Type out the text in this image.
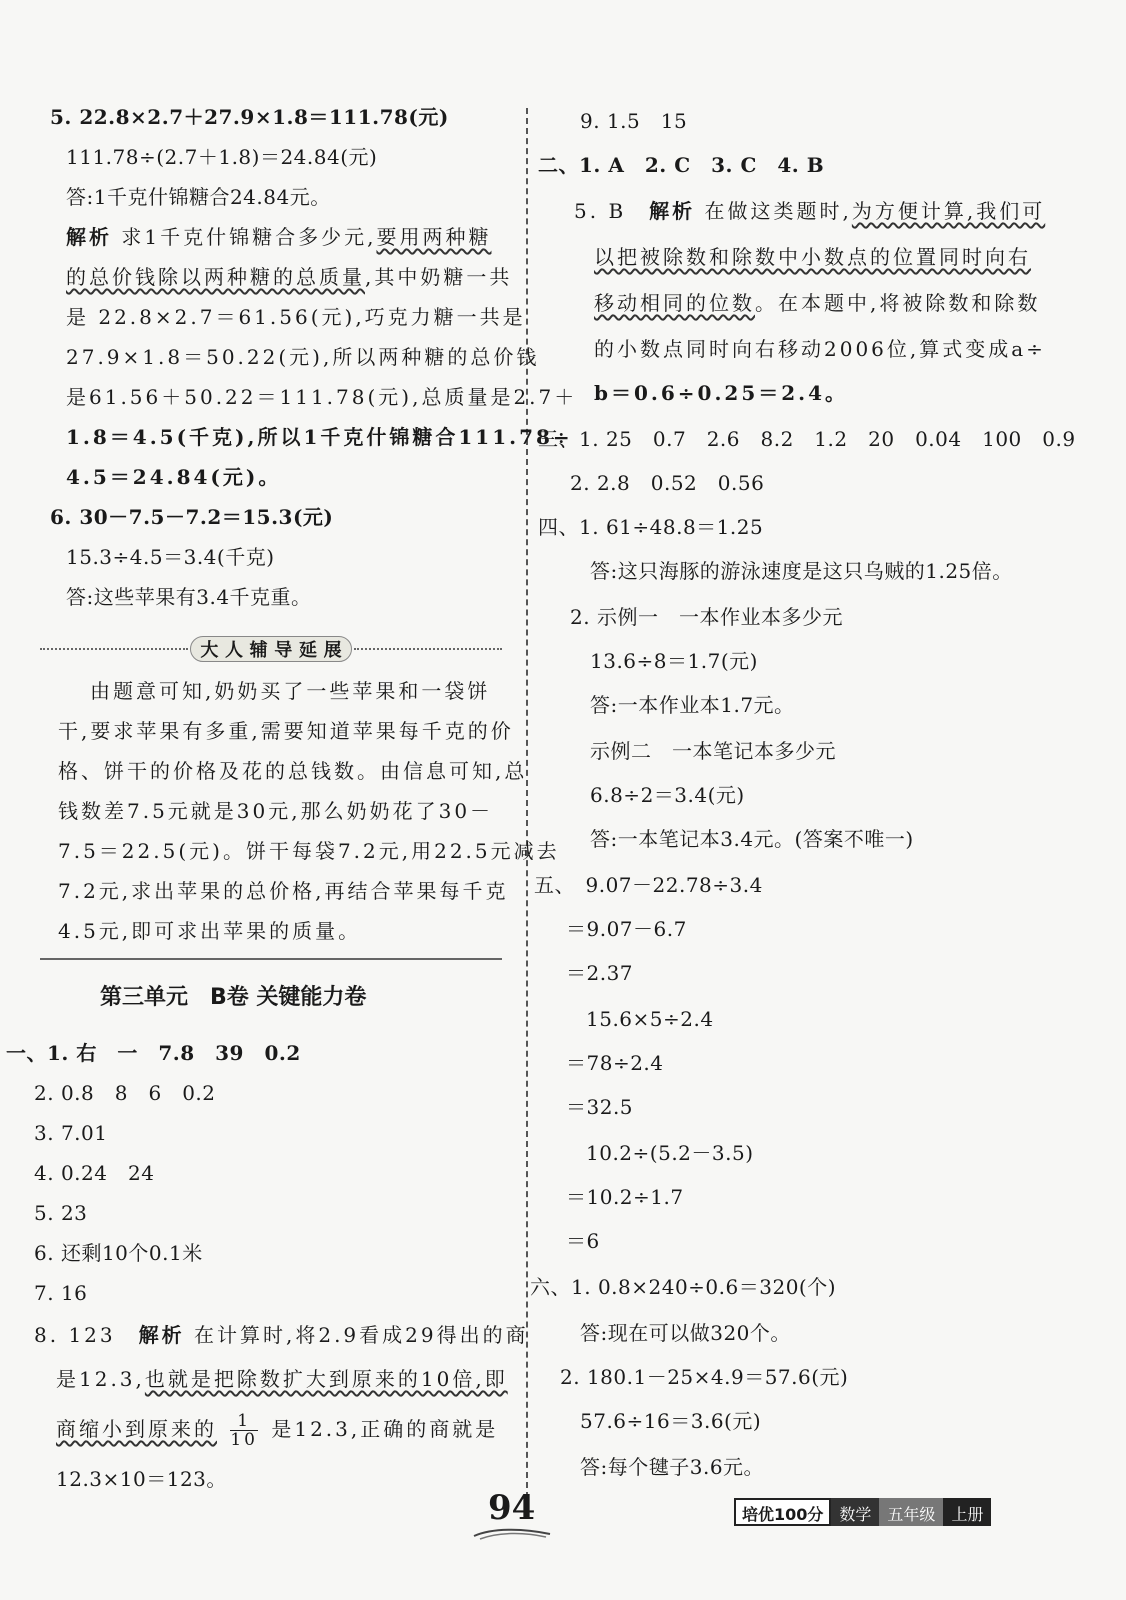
5. 22.8×2.7＋27.9×1.8＝111.78(元)
111.78÷(2.7＋1.8)＝24.84(元)
答:1千克什锦糖合24.84元。
解析 求1千克什锦糖合多少元,要用两种糖
的总价钱除以两种糖的总质量,其中奶糖一共
是 22.8×2.7＝61.56(元),巧克力糖一共是
27.9×1.8＝50.22(元),所以两种糖的总价钱
是61.56＋50.22＝111.78(元),总质量是2.7＋
1.8＝4.5(千克),所以1千克什锦糖合111.78÷
4.5＝24.84(元)。
6. 30－7.5－7.2＝15.3(元)
15.3÷4.5＝3.4(千克)
答:这些苹果有3.4千克重。
大 人 辅 导 延 展
由题意可知,奶奶买了一些苹果和一袋饼
干,要求苹果有多重,需要知道苹果每千克的价
格、饼干的价格及花的总钱数。由信息可知,总
钱数差7.5元就是30元,那么奶奶花了30－
7.5＝22.5(元)。饼干每袋7.2元,用22.5元减去
7.2元,求出苹果的总价格,再结合苹果每千克
4.5元,即可求出苹果的质量。
第三单元　B卷 关键能力卷
一、1. 右　一　7.8　39　0.2
2. 0.8　8　6　0.2
3. 7.01
4. 0.24　24
5. 23
6. 还剩10个0.1米
7. 16
8. 123　解析 在计算时,将2.9看成29得出的商
是12.3,也就是把除数扩大到原来的10倍,即
商缩小到原来的 $\frac{1}{10}$ 是12.3,正确的商就是
12.3×10＝123。
9. 1.5　15
二、1. A　2. C　3. C　4. B
5. B　解析 在做这类题时,为方便计算,我们可
以把被除数和除数中小数点的位置同时向右
移动相同的位数。在本题中,将被除数和除数
的小数点同时向右移动2006位,算式变成a÷
b＝0.6÷0.25＝2.4。
三、1. 25　0.7　2.6　8.2　1.2　20　0.04　100　0.9
2. 2.8　0.52　0.56
四、1. 61÷48.8＝1.25
答:这只海豚的游泳速度是这只乌贼的1.25倍。
2. 示例一　一本作业本多少元
13.6÷8＝1.7(元)
答:一本作业本1.7元。
示例二　一本笔记本多少元
6.8÷2＝3.4(元)
答:一本笔记本3.4元。(答案不唯一)
五、　9.07－22.78÷3.4
＝9.07－6.7
＝2.37
15.6×5÷2.4
＝78÷2.4
＝32.5
10.2÷(5.2－3.5)
＝10.2÷1.7
＝6
六、1. 0.8×240÷0.6＝320(个)
答:现在可以做320个。
2. 180.1－25×4.9＝57.6(元)
57.6÷16＝3.6(元)
答:每个毽子3.6元。
94	培优100分	数学	五年级	上册
